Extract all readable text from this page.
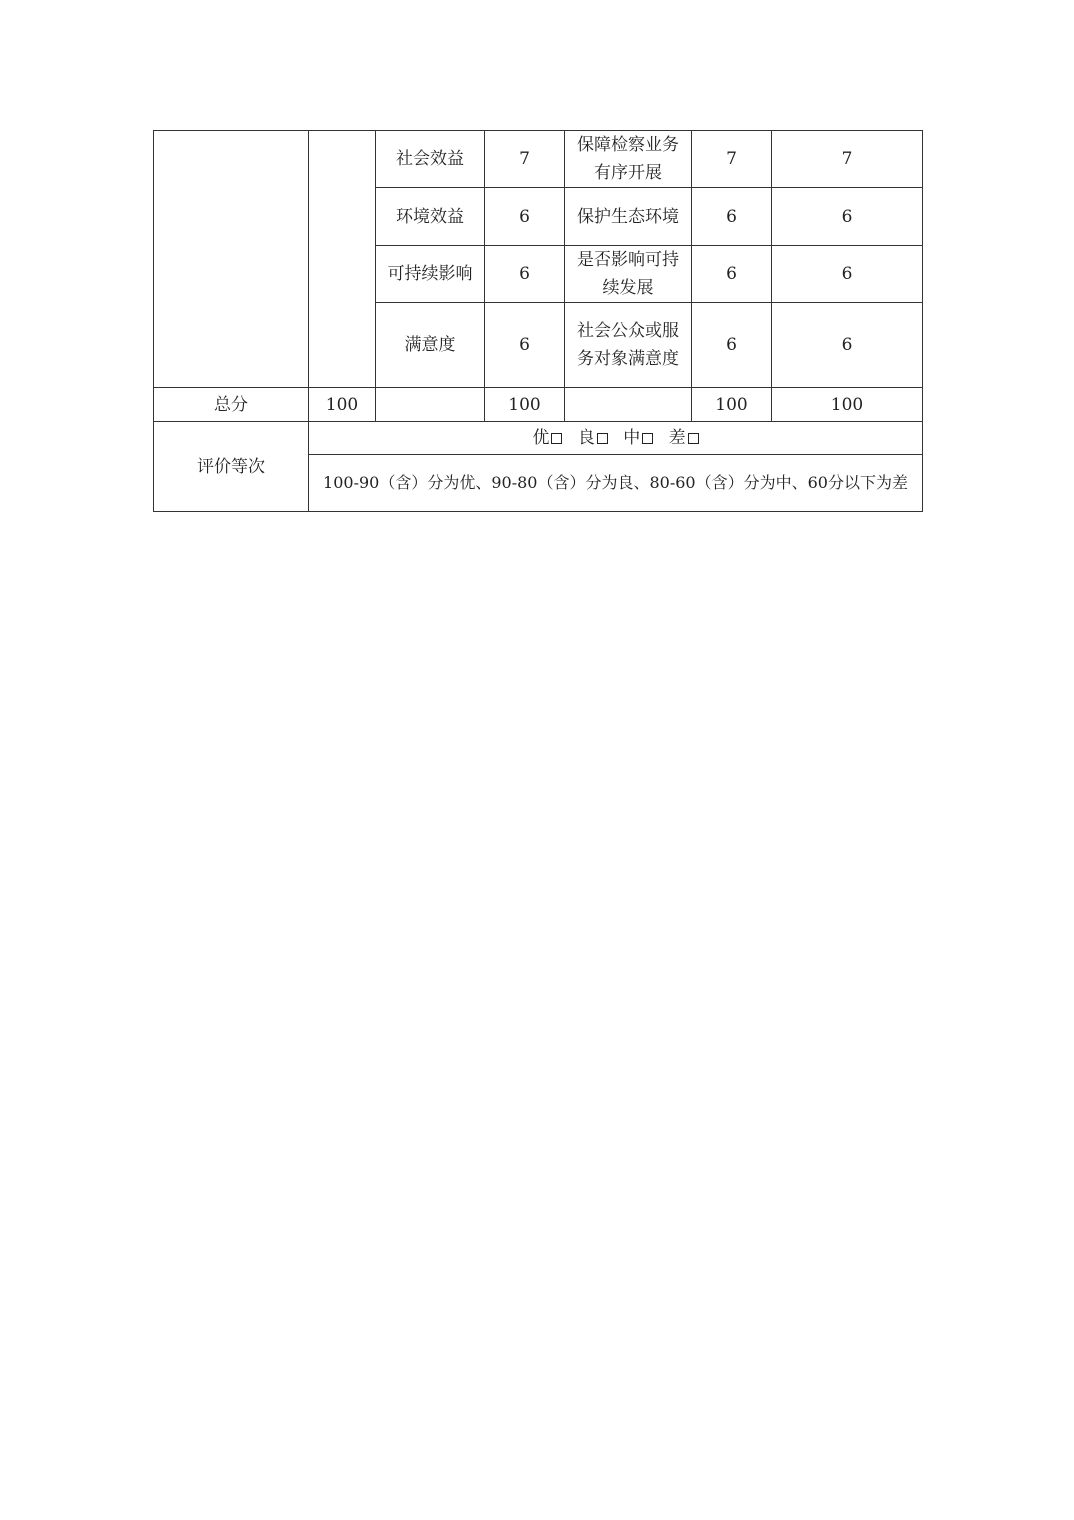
		社会效益	7	保障检察业务有序开展	7	7
		环境效益	6	保护生态环境	6	6
		可持续影响	6	是否影响可持续发展	6	6
		满意度	6	社会公众或服务对象满意度	6	6
总分	100		100		100	100
评价等次	优 良 中 差					
	100-90（含）分为优、90-80（含）分为良、80-60（含）分为中、60分以下为差					
